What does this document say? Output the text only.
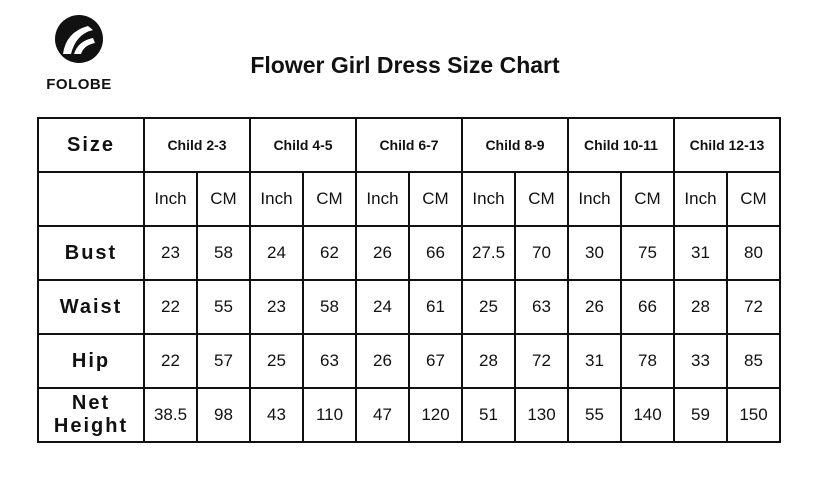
FOLOBE
Flower Girl Dress Size Chart
Size	Child 2-3		Child 4-5		Child 6-7		Child 8-9		Child 10-11		Child 12-13	
	Inch	CM	Inch	CM	Inch	CM	Inch	CM	Inch	CM	Inch	CM
Bust	23	58	24	62	26	66	27.5	70	30	75	31	80
Waist	22	55	23	58	24	61	25	63	26	66	28	72
Hip	22	57	25	63	26	67	28	72	31	78	33	85
Net
Height	38.5	98	43	110	47	120	51	130	55	140	59	150
